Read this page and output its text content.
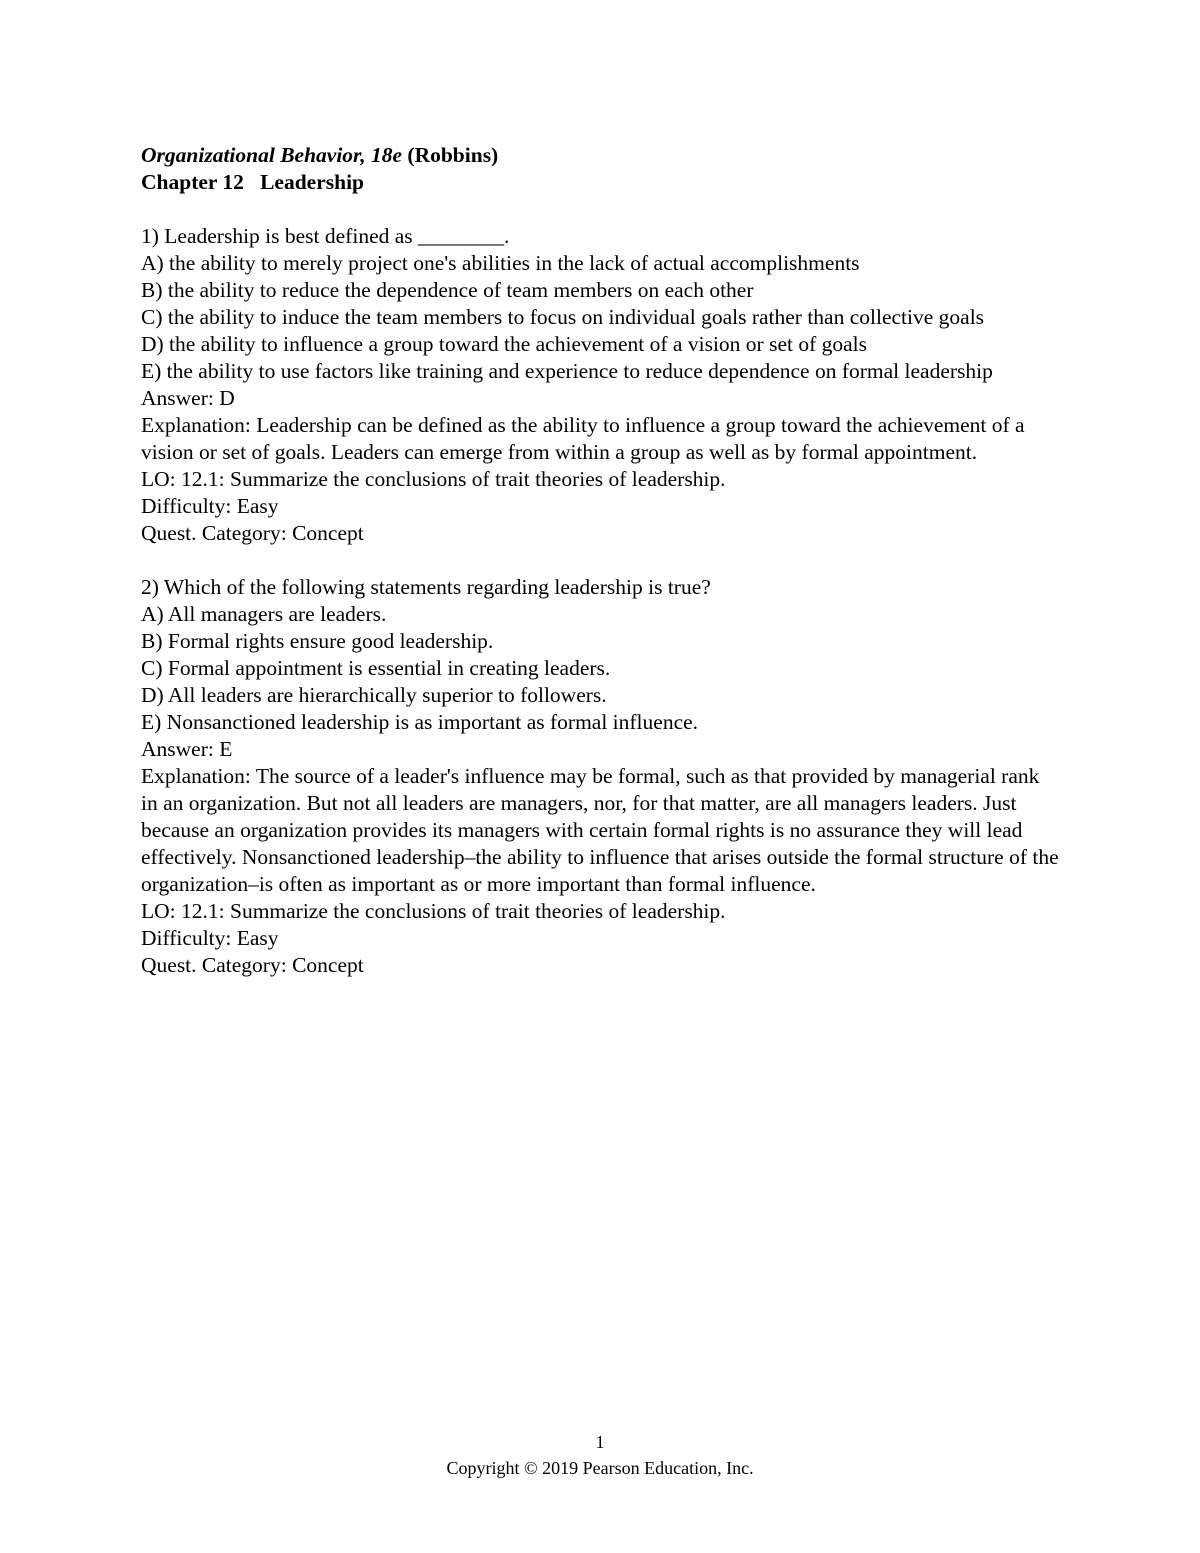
Organizational Behavior, 18e (Robbins)
Chapter 12 Leadership
1) Leadership is best defined as ________.
A) the ability to merely project one's abilities in the lack of actual accomplishments
B) the ability to reduce the dependence of team members on each other
C) the ability to induce the team members to focus on individual goals rather than collective goals
D) the ability to influence a group toward the achievement of a vision or set of goals
E) the ability to use factors like training and experience to reduce dependence on formal leadership
Answer: D
Explanation: Leadership can be defined as the ability to influence a group toward the achievement of a vision or set of goals. Leaders can emerge from within a group as well as by formal appointment.
LO: 12.1: Summarize the conclusions of trait theories of leadership.
Difficulty: Easy
Quest. Category: Concept
2) Which of the following statements regarding leadership is true?
A) All managers are leaders.
B) Formal rights ensure good leadership.
C) Formal appointment is essential in creating leaders.
D) All leaders are hierarchically superior to followers.
E) Nonsanctioned leadership is as important as formal influence.
Answer: E
Explanation: The source of a leader's influence may be formal, such as that provided by managerial rank in an organization. But not all leaders are managers, nor, for that matter, are all managers leaders. Just because an organization provides its managers with certain formal rights is no assurance they will lead effectively. Nonsanctioned leadership–the ability to influence that arises outside the formal structure of the organization–is often as important as or more important than formal influence.
LO: 12.1: Summarize the conclusions of trait theories of leadership.
Difficulty: Easy
Quest. Category: Concept
1
Copyright © 2019 Pearson Education, Inc.
